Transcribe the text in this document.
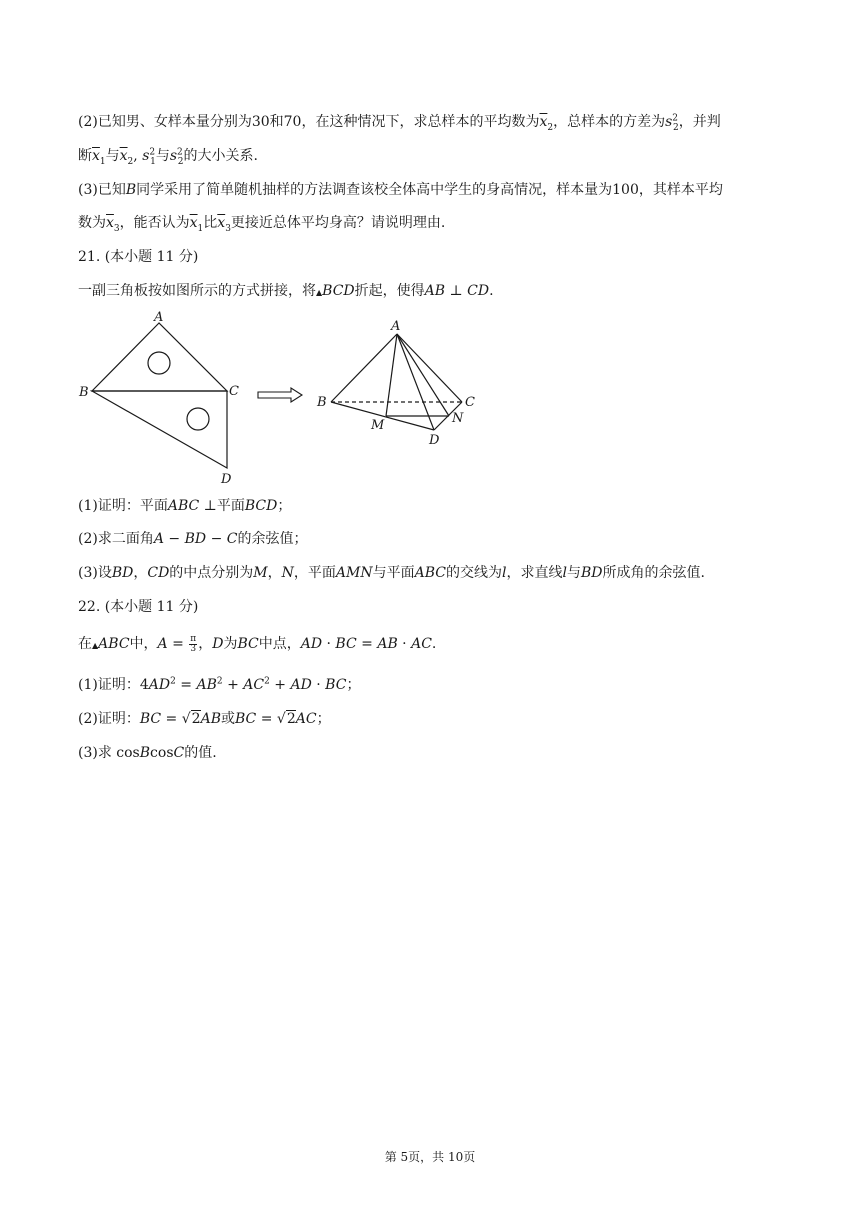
(2)已知男、女样本量分别为30和70，在这种情况下，求总样本的平均数为$\overline{x}_2$，总样本的方差为$s^2_2$，并判
断$\overline{x}_1$与$\overline{x}_2$, $s^2_1$与$s^2_2$的大小关系.
(3)已知B同学采用了简单随机抽样的方法调查该校全体高中学生的身高情况，样本量为100，其样本平均
数为$\overline{x}_3$，能否认为$\overline{x}_1$比$\overline{x}_3$更接近总体平均身高？请说明理由.
21. (本小题 11 分)
一副三角板按如图所示的方式拼接，将▲BCD折起，使得AB ⊥ CD.
A
B	C
D
A
B	C
M	N
D
(1)证明：平面ABC ⊥平面BCD；
(2)求二面角A − BD − C的余弦值；
(3)设BD，CD的中点分别为M，N，平面AMN与平面ABC的交线为l，求直线l与BD所成角的余弦值.
22. (本小题 11 分)
在▲ABC中，$A = \frac{\pi}{3}$ ，D为BC中点，AD · BC = AB · AC.
(1)证明：$4AD^2 = AB^2 + AC^2$ + AD · BC；
(2)证明：BC = √2AB或BC = √2AC；
(3)求 cosBcosC的值.
第 5页，共 10页
